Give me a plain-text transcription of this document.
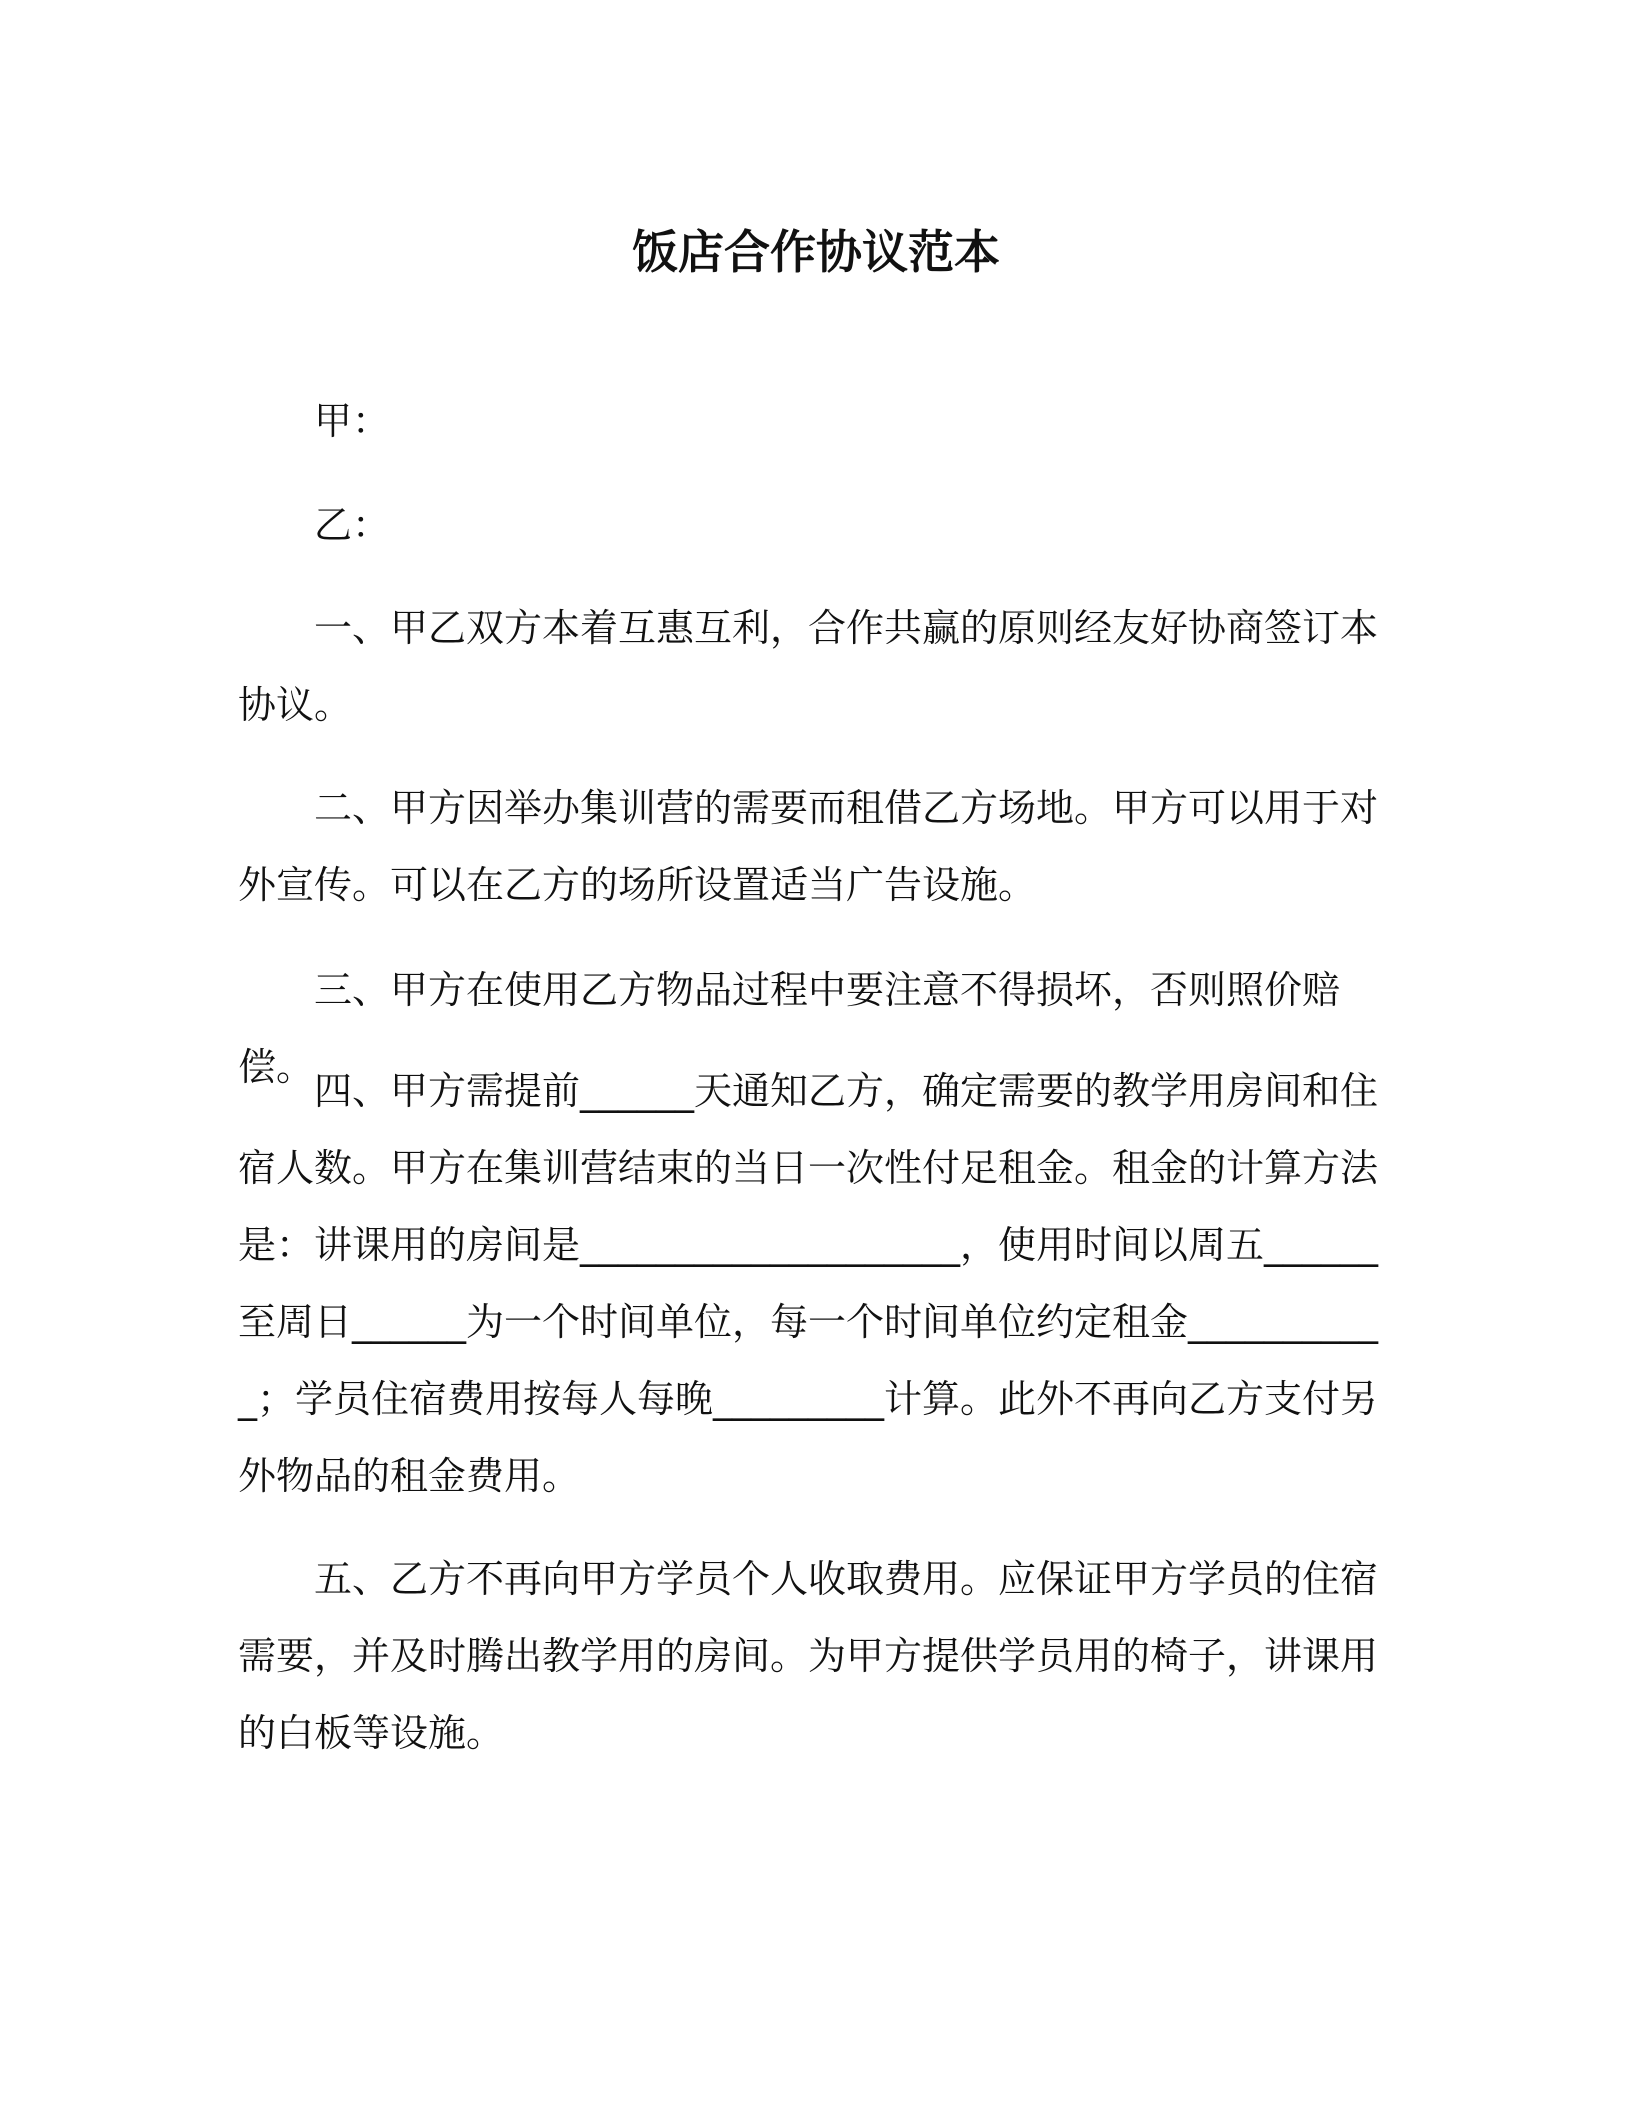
饭店合作协议范本
甲：
乙：
一、甲乙双方本着互惠互利，合作共赢的原则经友好协商签订本协议。
二、甲方因举办集训营的需要而租借乙方场地。甲方可以用于对外宣传。可以在乙方的场所设置适当广告设施。
三、甲方在使用乙方物品过程中要注意不得损坏，否则照价赔偿。
四、甲方需提前______天通知乙方，确定需要的教学用房间和住宿人数。甲方在集训营结束的当日一次性付足租金。租金的计算方法是：讲课用的房间是____________________，使用时间以周五______至周日______为一个时间单位，每一个时间单位约定租金___________；学员住宿费用按每人每晚_________计算。此外不再向乙方支付另外物品的租金费用。
五、乙方不再向甲方学员个人收取费用。应保证甲方学员的住宿需要，并及时腾出教学用的房间。为甲方提供学员用的椅子，讲课用的白板等设施。
